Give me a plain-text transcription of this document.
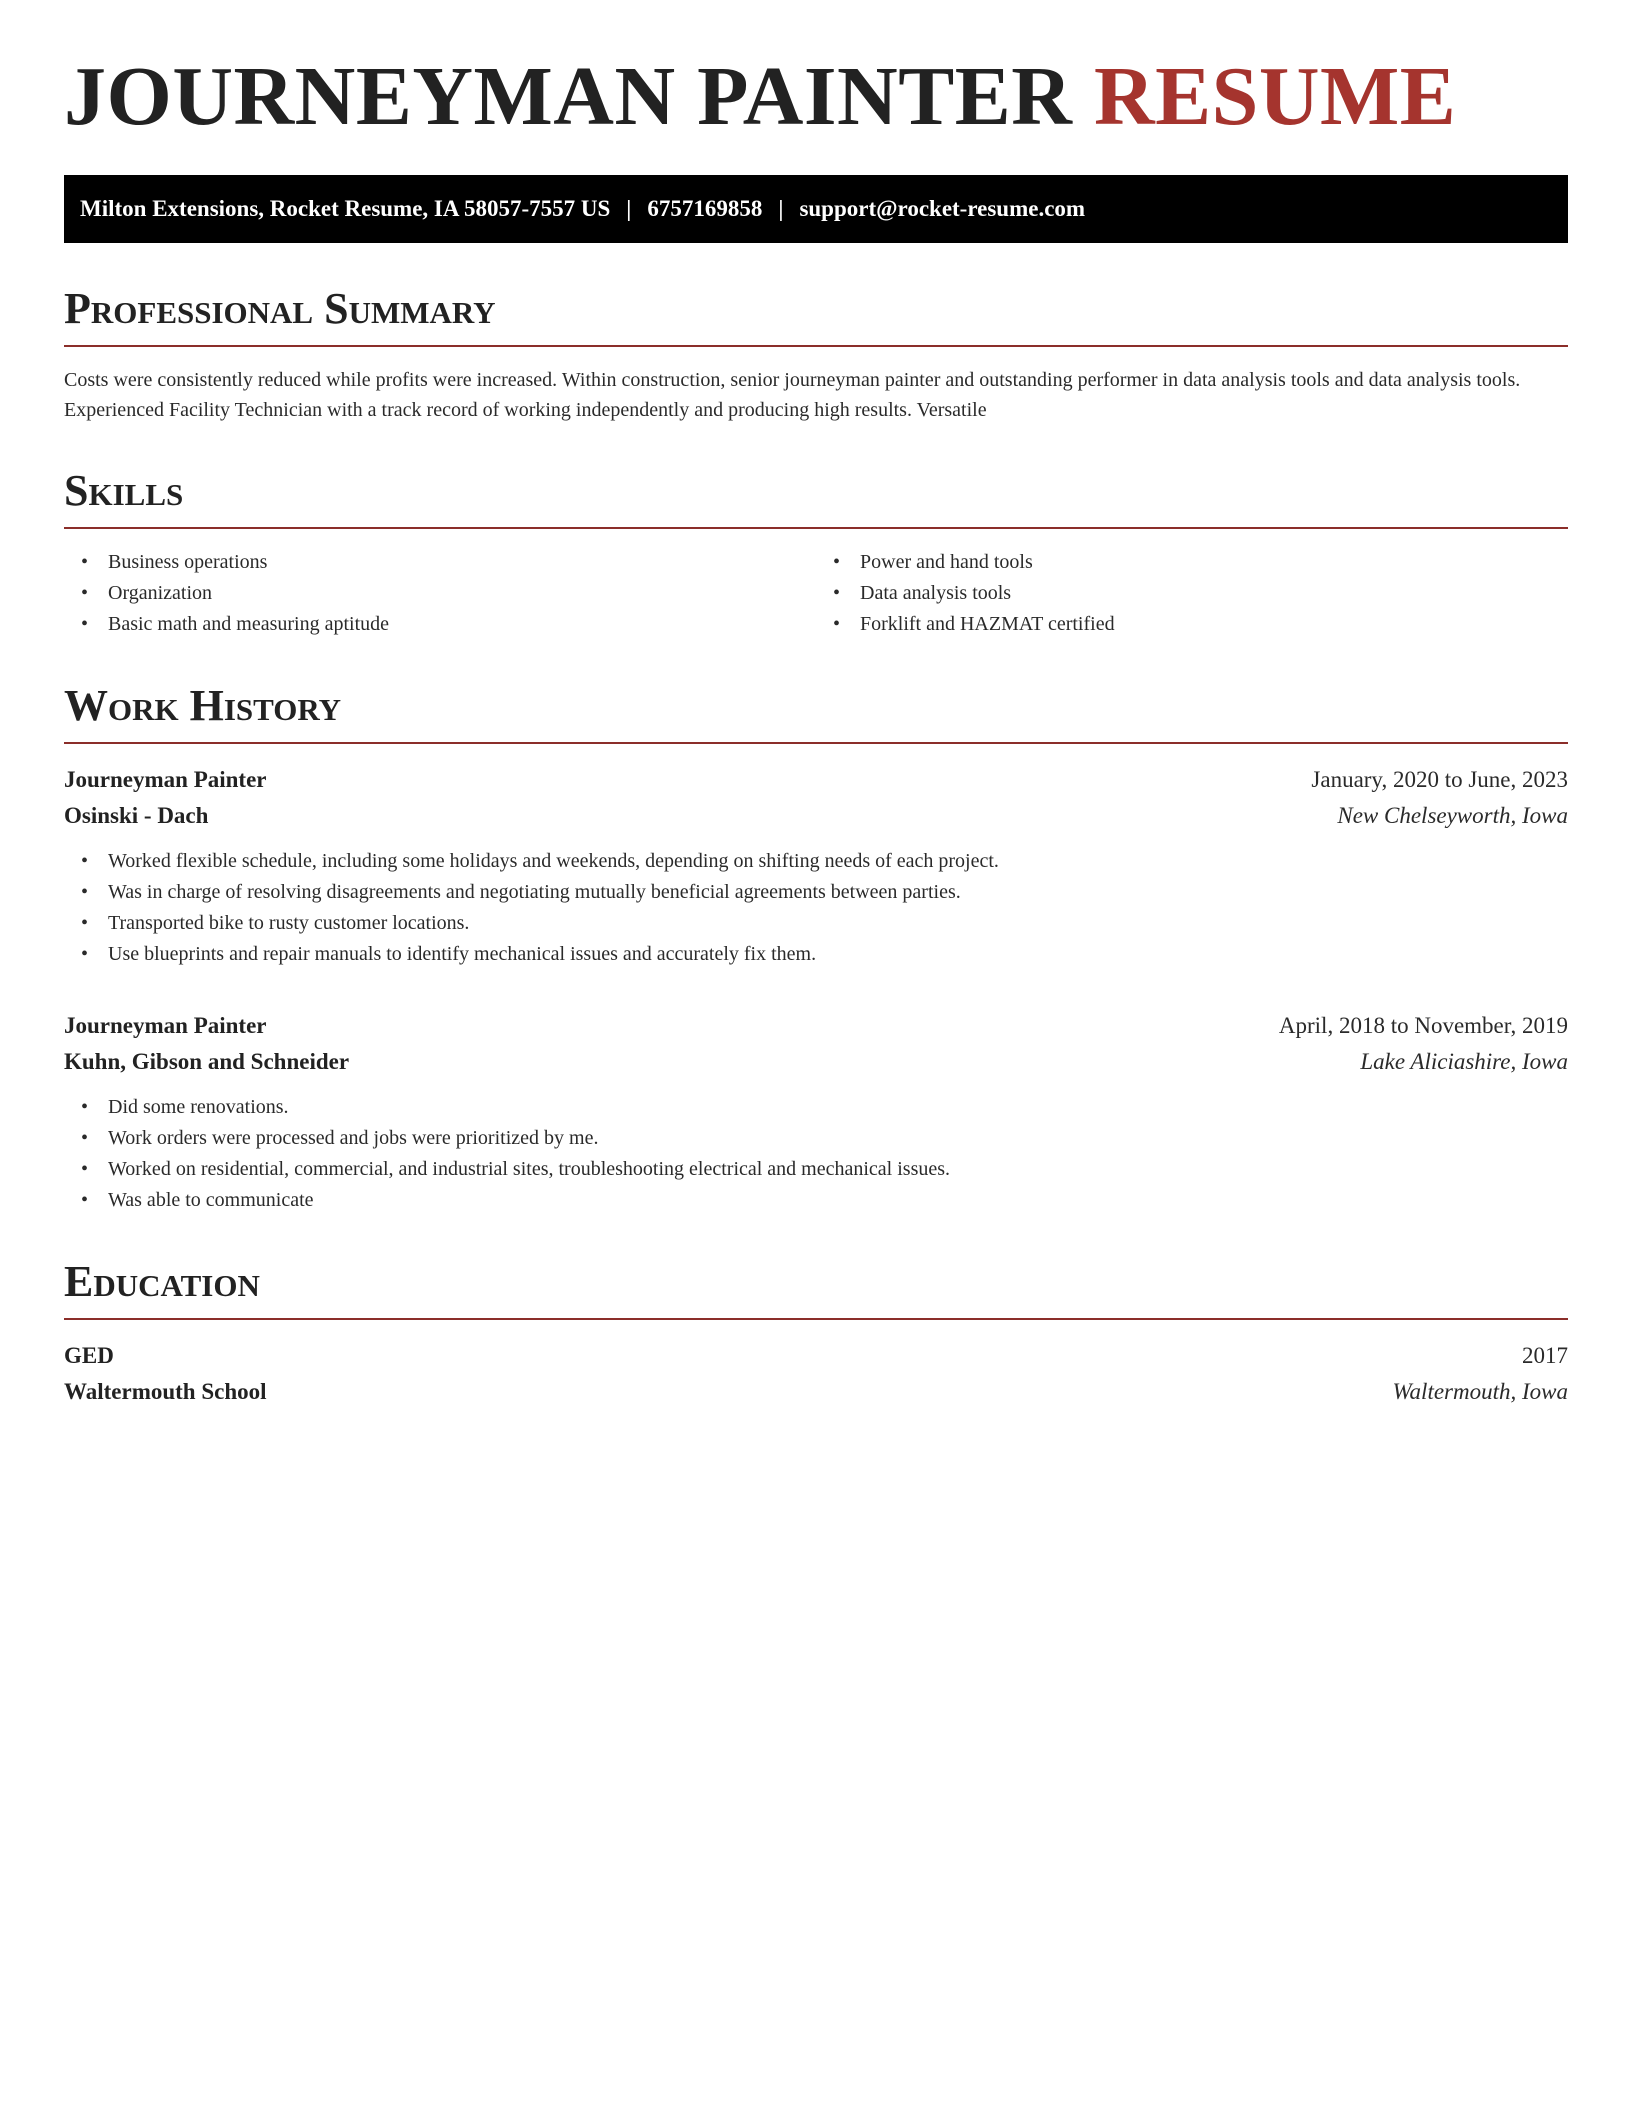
JOURNEYMAN PAINTER RESUME
Milton Extensions, Rocket Resume, IA 58057-7557 US | 6757169858 | support@rocket-resume.com
Professional Summary

Costs were consistently reduced while profits were increased. Within construction, senior journeyman painter and outstanding performer in data analysis tools and data analysis tools. Experienced Facility Technician with a track record of working independently and producing high results. Versatile

Skills
• Business operations
• Organization
• Basic math and measuring aptitude
• Power and hand tools
• Data analysis tools
• Forklift and HAZMAT certified
Work History
Journeyman Painter	January, 2020 to June, 2023
Osinski - Dach	New Chelseyworth, Iowa
• Worked flexible schedule, including some holidays and weekends, depending on shifting needs of each project.
• Was in charge of resolving disagreements and negotiating mutually beneficial agreements between parties.
• Transported bike to rusty customer locations.
• Use blueprints and repair manuals to identify mechanical issues and accurately fix them.
Journeyman Painter	April, 2018 to November, 2019
Kuhn, Gibson and Schneider	Lake Aliciashire, Iowa
• Did some renovations.
• Work orders were processed and jobs were prioritized by me.
• Worked on residential, commercial, and industrial sites, troubleshooting electrical and mechanical issues.
• Was able to communicate
Education
GED	2017
Waltermouth School	Waltermouth, Iowa
